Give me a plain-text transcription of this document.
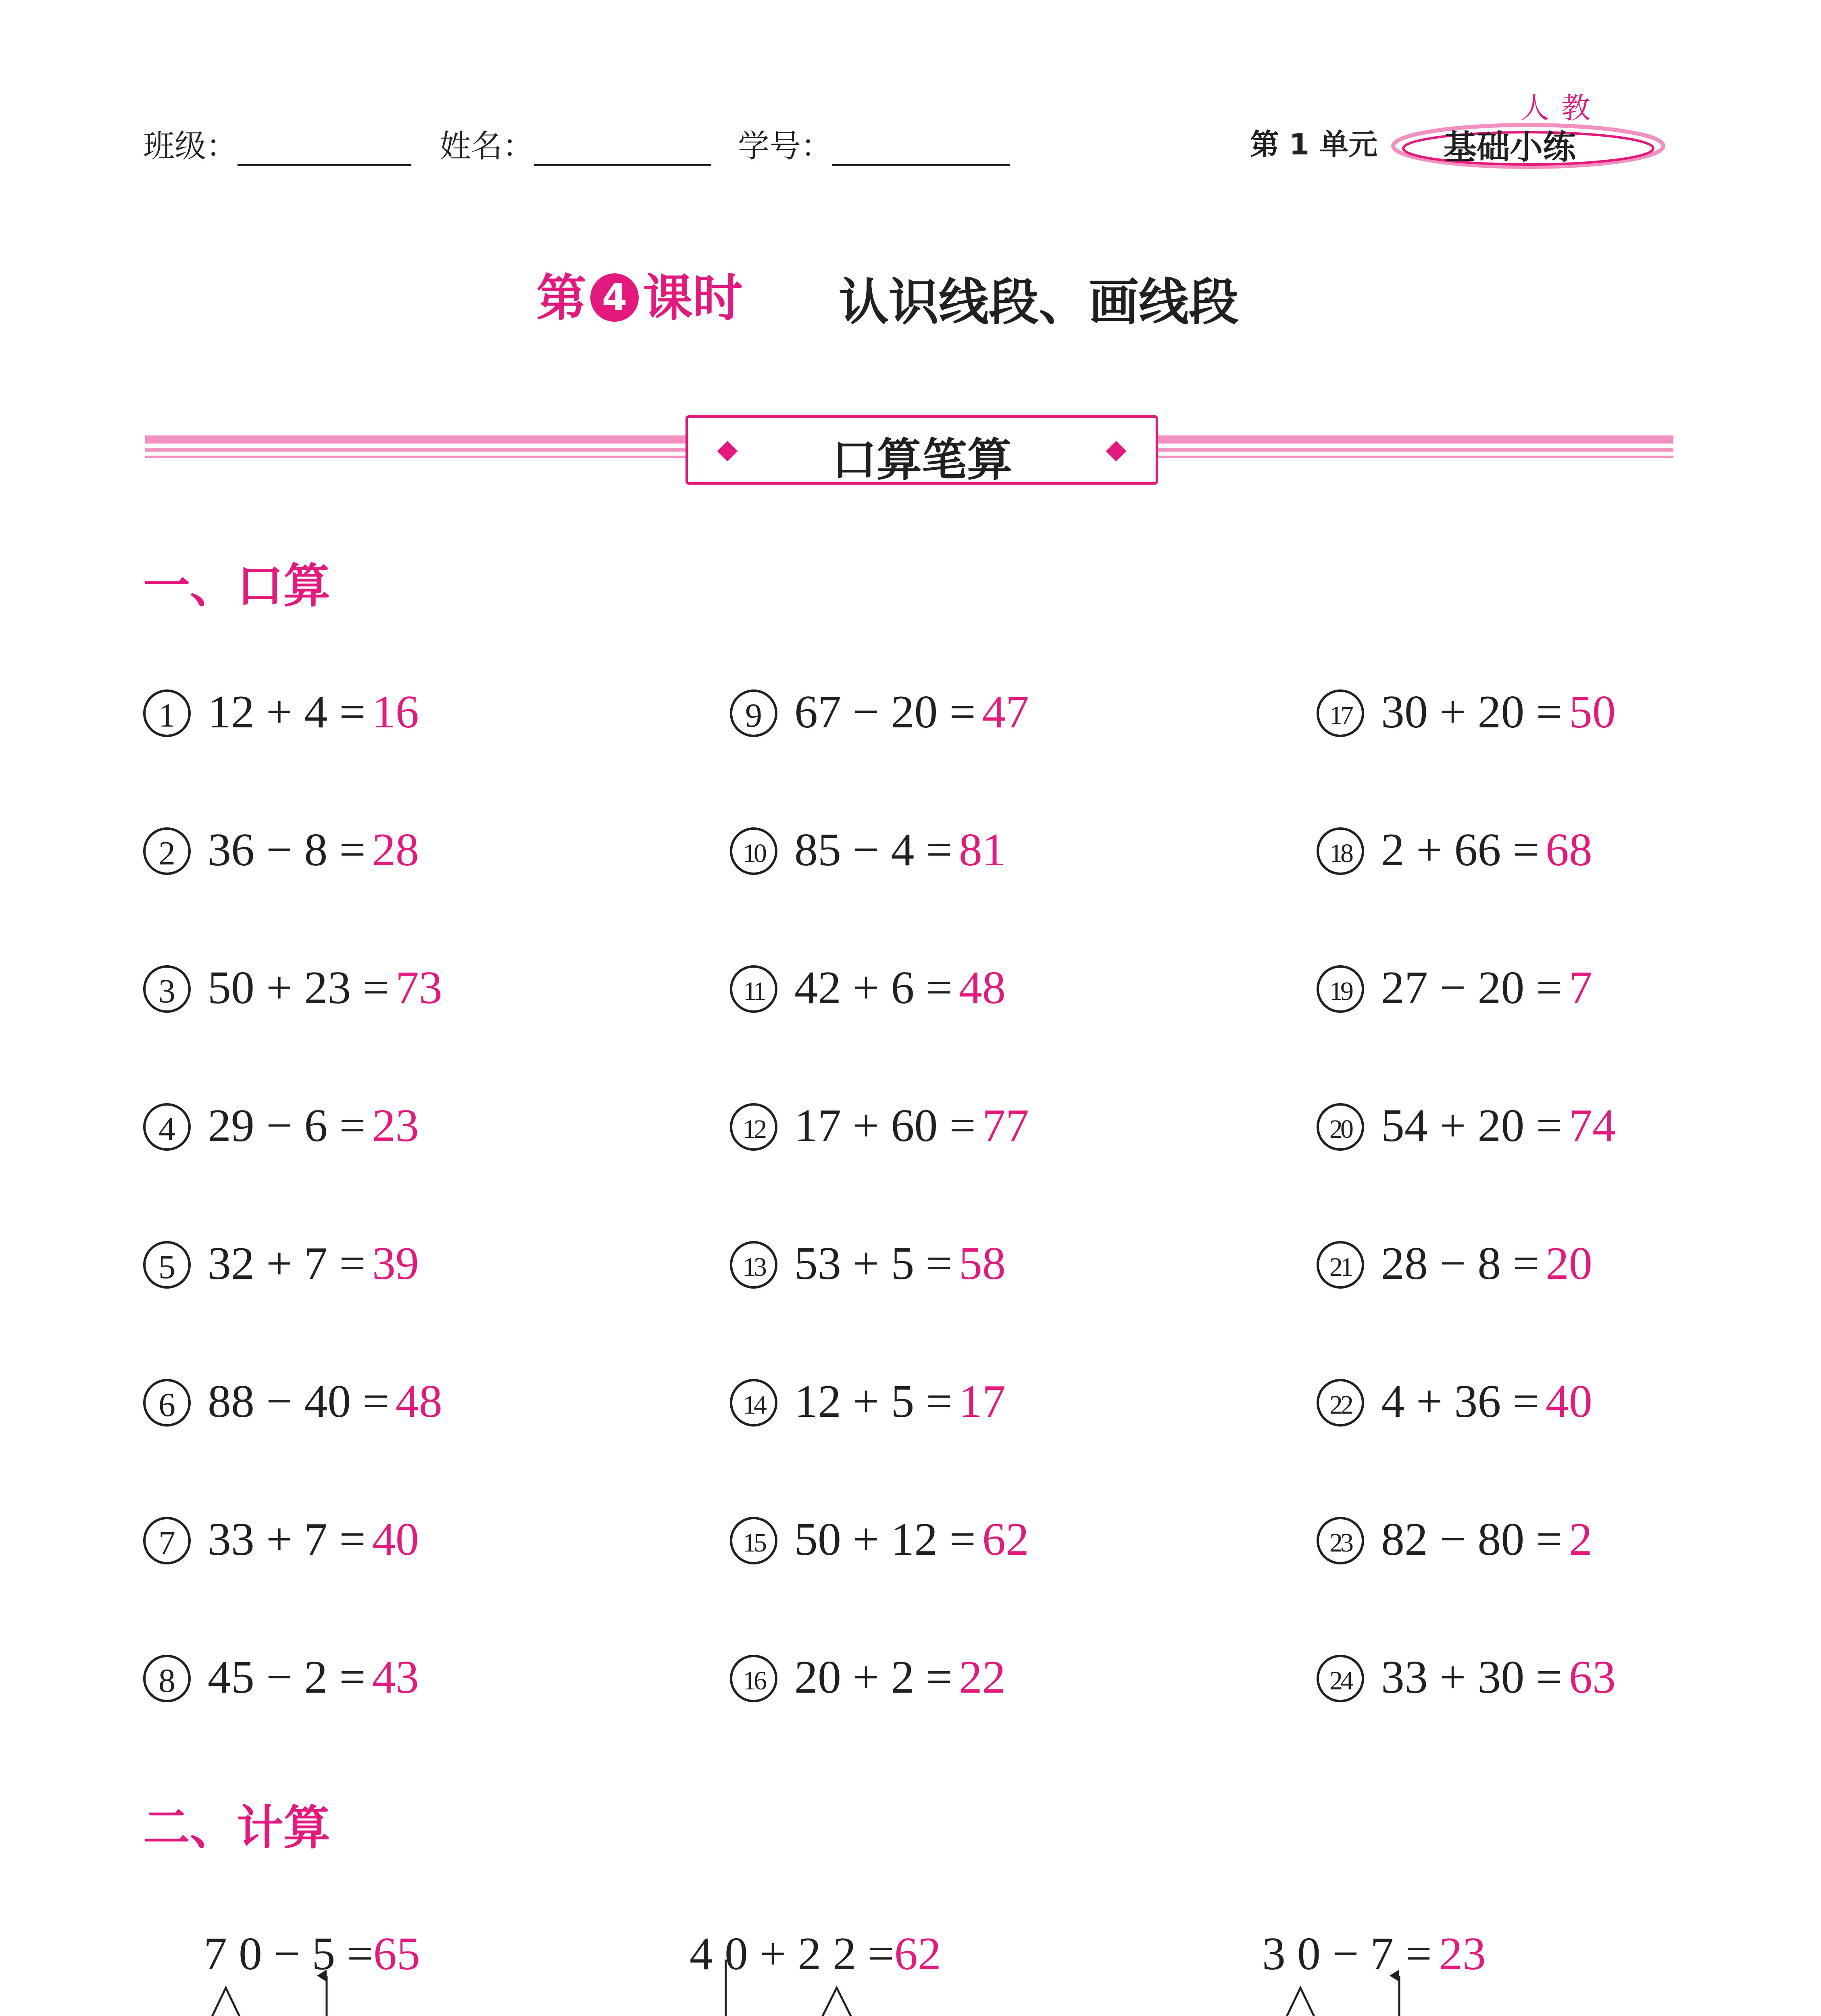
班级：	姓名：	学号：	第 1 单元
人教
基础小练
第 4 课时 认识线段、画线段
口算笔算
一、口算
1 12 + 4 = 16
2 36 − 8 = 28
3 50 + 23 = 73
4 29 − 6 = 23
5 32 + 7 = 39
6 88 − 40 = 48
7 33 + 7 = 40
8 45 − 2 = 43
9 67 − 20 = 47
10 85 − 4 = 81
11 42 + 6 = 48
12 17 + 60 = 77
13 53 + 5 = 58
14 12 + 5 = 17
15 50 + 12 = 62
16 20 + 2 = 22
17 30 + 20 = 50
18 2 + 66 = 68
19 27 − 20 = 7
20 54 + 20 = 74
21 28 − 8 = 20
22 4 + 36 = 40
23 82 − 80 = 2
24 33 + 30 = 63
二、计算
7 0 − 5 =65	4 0 + 2 2 =62	3 0 − 7 = 23
